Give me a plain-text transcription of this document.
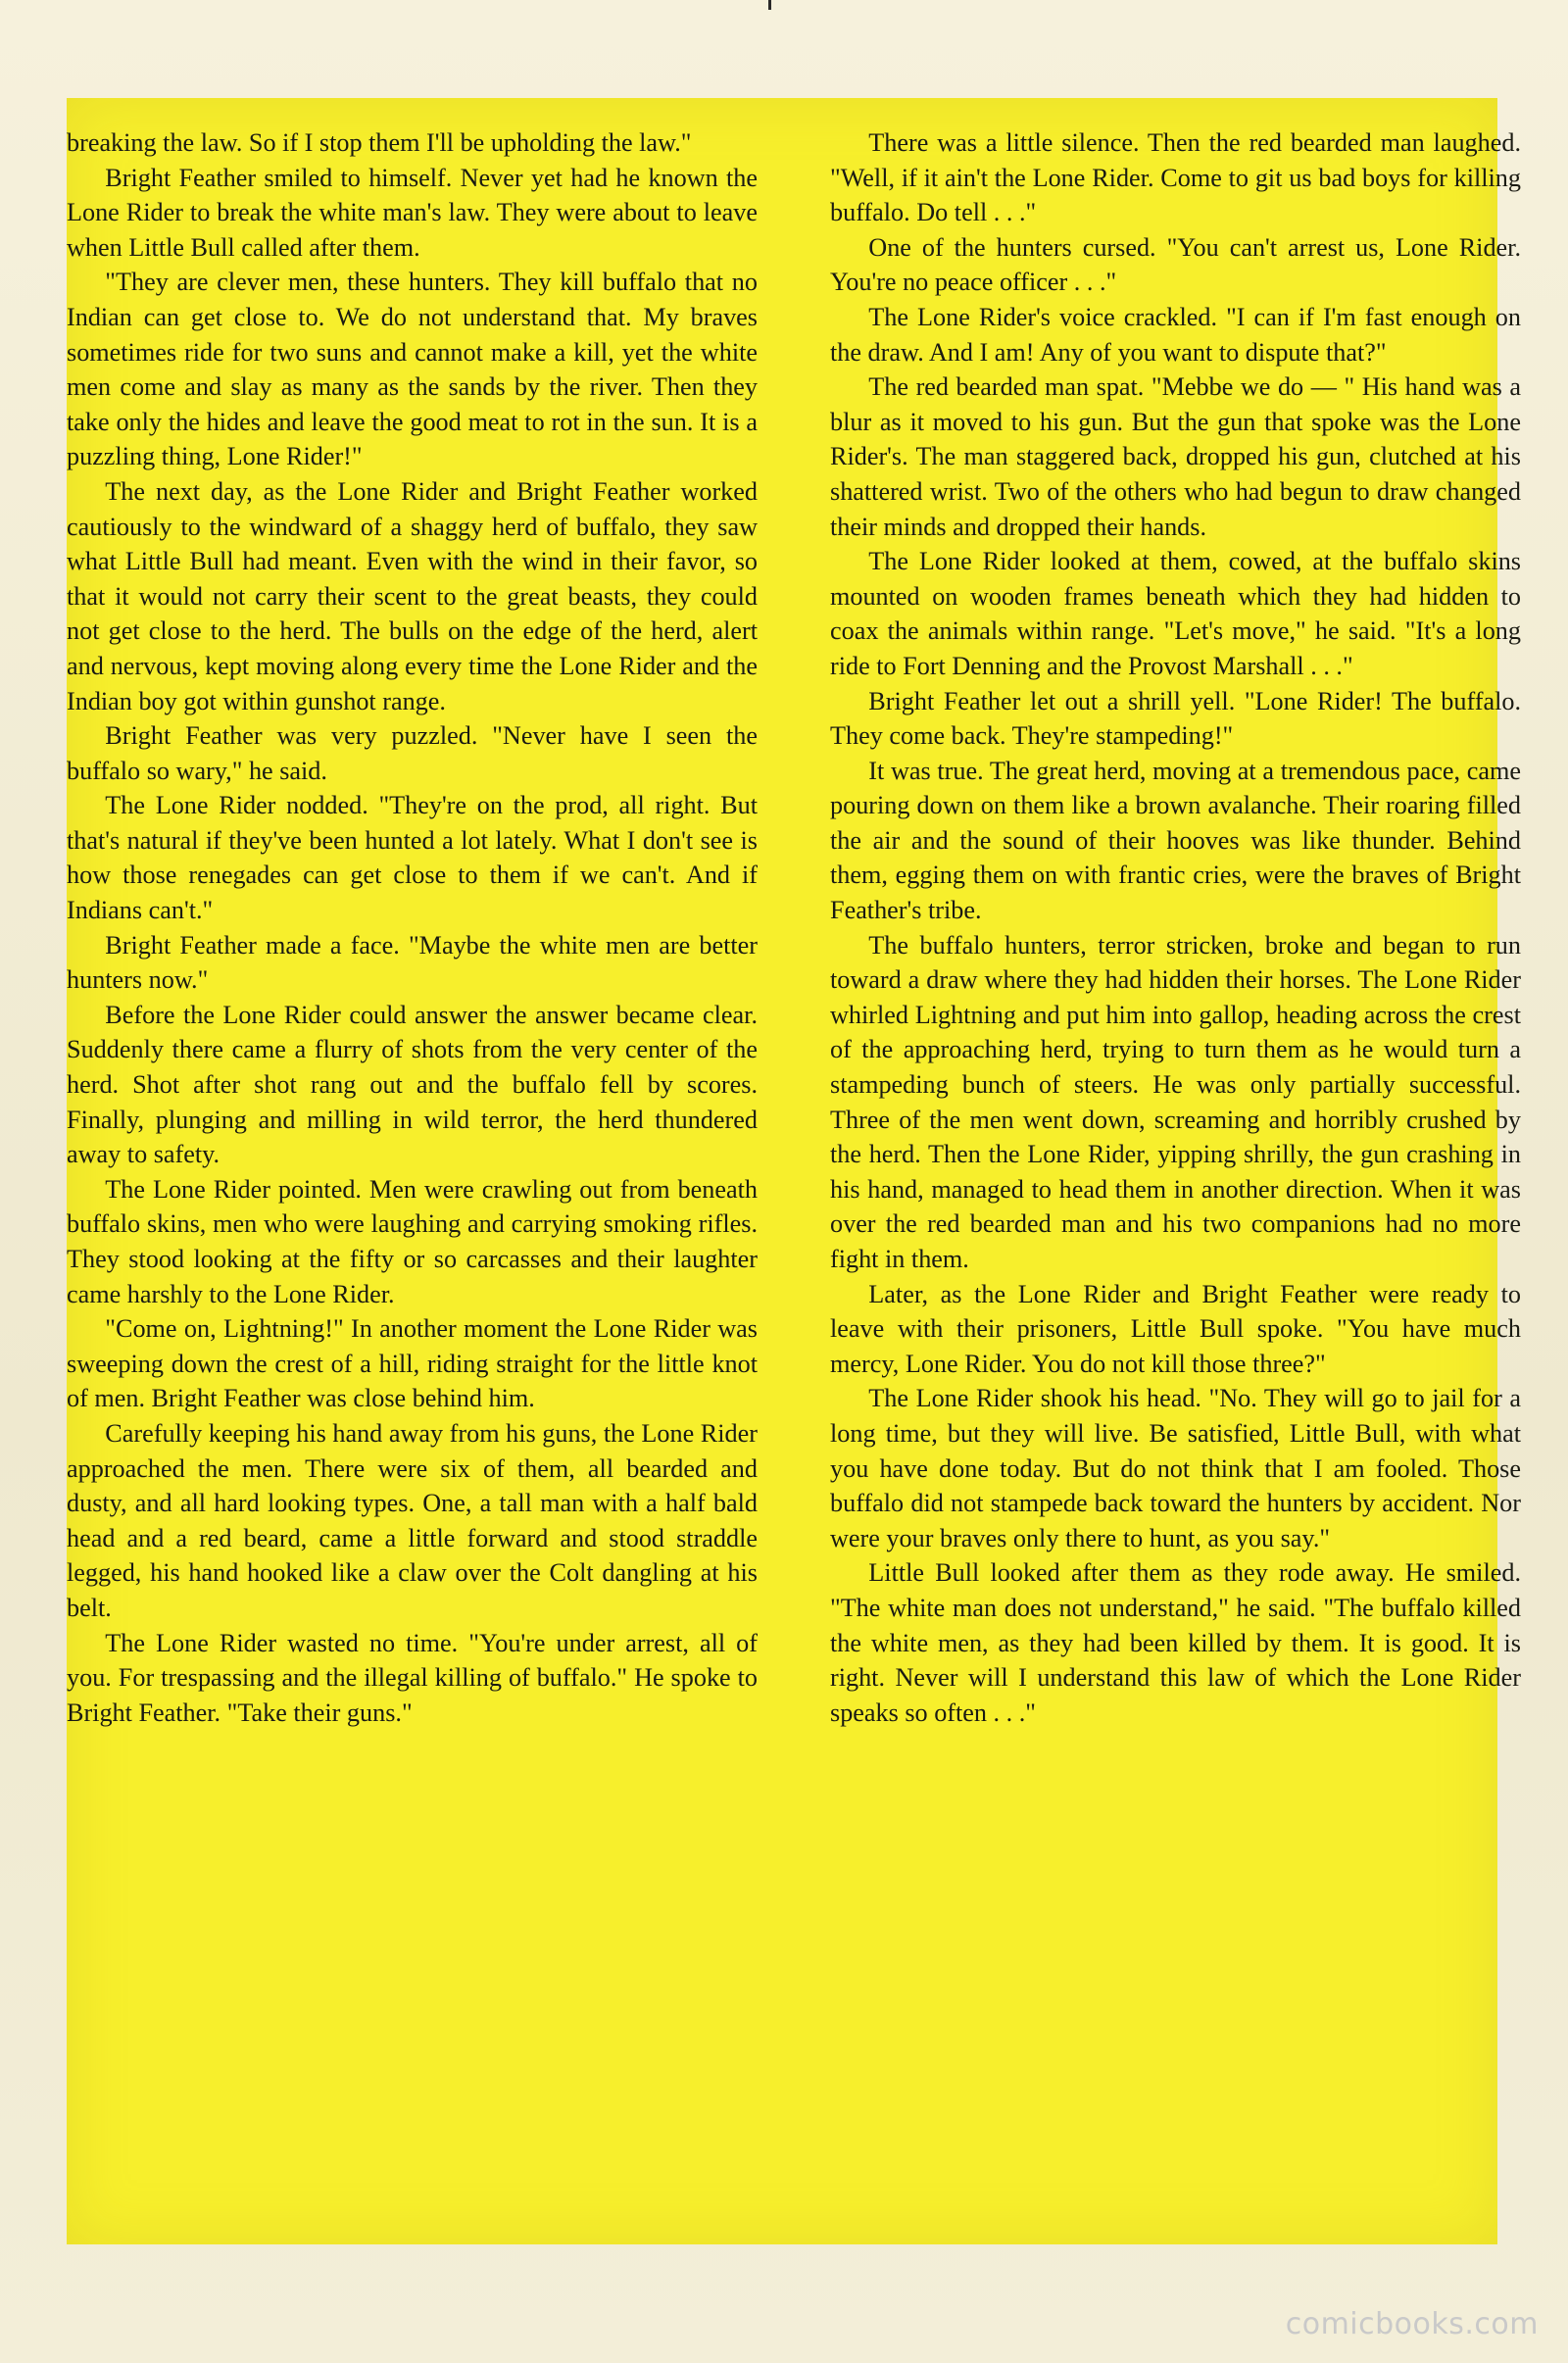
breaking the law. So if I stop them I'll be upholding the law."

Bright Feather smiled to himself. Never yet had he known the Lone Rider to break the white man's law. They were about to leave when Little Bull called after them.

"They are clever men, these hunters. They kill buffalo that no Indian can get close to. We do not understand that. My braves sometimes ride for two suns and cannot make a kill, yet the white men come and slay as many as the sands by the river. Then they take only the hides and leave the good meat to rot in the sun. It is a puzzling thing, Lone Rider!"

The next day, as the Lone Rider and Bright Feather worked cautiously to the windward of a shaggy herd of buffalo, they saw what Little Bull had meant. Even with the wind in their favor, so that it would not carry their scent to the great beasts, they could not get close to the herd. The bulls on the edge of the herd, alert and nervous, kept moving along every time the Lone Rider and the Indian boy got within gunshot range.

Bright Feather was very puzzled. "Never have I seen the buffalo so wary," he said.

The Lone Rider nodded. "They're on the prod, all right. But that's natural if they've been hunted a lot lately. What I don't see is how those renegades can get close to them if we can't. And if Indians can't."

Bright Feather made a face. "Maybe the white men are better hunters now."

Before the Lone Rider could answer the answer became clear. Suddenly there came a flurry of shots from the very center of the herd. Shot after shot rang out and the buffalo fell by scores. Finally, plunging and milling in wild terror, the herd thundered away to safety.

The Lone Rider pointed. Men were crawling out from beneath buffalo skins, men who were laughing and carrying smoking rifles. They stood looking at the fifty or so carcasses and their laughter came harshly to the Lone Rider.

"Come on, Lightning!" In another moment the Lone Rider was sweeping down the crest of a hill, riding straight for the little knot of men. Bright Feather was close behind him.

Carefully keeping his hand away from his guns, the Lone Rider approached the men. There were six of them, all bearded and dusty, and all hard looking types. One, a tall man with a half bald head and a red beard, came a little forward and stood straddle legged, his hand hooked like a claw over the Colt dangling at his belt.

The Lone Rider wasted no time. "You're under arrest, all of you. For trespassing and the illegal killing of buffalo." He spoke to Bright Feather. "Take their guns."

There was a little silence. Then the red bearded man laughed. "Well, if it ain't the Lone Rider. Come to git us bad boys for killing buffalo. Do tell . . ."

One of the hunters cursed. "You can't arrest us, Lone Rider. You're no peace officer . . ."

The Lone Rider's voice crackled. "I can if I'm fast enough on the draw. And I am! Any of you want to dispute that?"

The red bearded man spat. "Mebbe we do — " His hand was a blur as it moved to his gun. But the gun that spoke was the Lone Rider's. The man staggered back, dropped his gun, clutched at his shattered wrist. Two of the others who had begun to draw changed their minds and dropped their hands.

The Lone Rider looked at them, cowed, at the buffalo skins mounted on wooden frames beneath which they had hidden to coax the animals within range. "Let's move," he said. "It's a long ride to Fort Denning and the Provost Marshall . . ."

Bright Feather let out a shrill yell. "Lone Rider! The buffalo. They come back. They're stampeding!"

It was true. The great herd, moving at a tremendous pace, came pouring down on them like a brown avalanche. Their roaring filled the air and the sound of their hooves was like thunder. Behind them, egging them on with frantic cries, were the braves of Bright Feather's tribe.

The buffalo hunters, terror stricken, broke and began to run toward a draw where they had hidden their horses. The Lone Rider whirled Lightning and put him into gallop, heading across the crest of the approaching herd, trying to turn them as he would turn a stampeding bunch of steers. He was only partially successful. Three of the men went down, screaming and horribly crushed by the herd. Then the Lone Rider, yipping shrilly, the gun crashing in his hand, managed to head them in another direction. When it was over the red bearded man and his two companions had no more fight in them.

Later, as the Lone Rider and Bright Feather were ready to leave with their prisoners, Little Bull spoke. "You have much mercy, Lone Rider. You do not kill those three?"

The Lone Rider shook his head. "No. They will go to jail for a long time, but they will live. Be satisfied, Little Bull, with what you have done today. But do not think that I am fooled. Those buffalo did not stampede back toward the hunters by accident. Nor were your braves only there to hunt, as you say."

Little Bull looked after them as they rode away. He smiled. "The white man does not understand," he said. "The buffalo killed the white men, as they had been killed by them. It is good. It is right. Never will I understand this law of which the Lone Rider speaks so often . . ."

comicbooks.com
